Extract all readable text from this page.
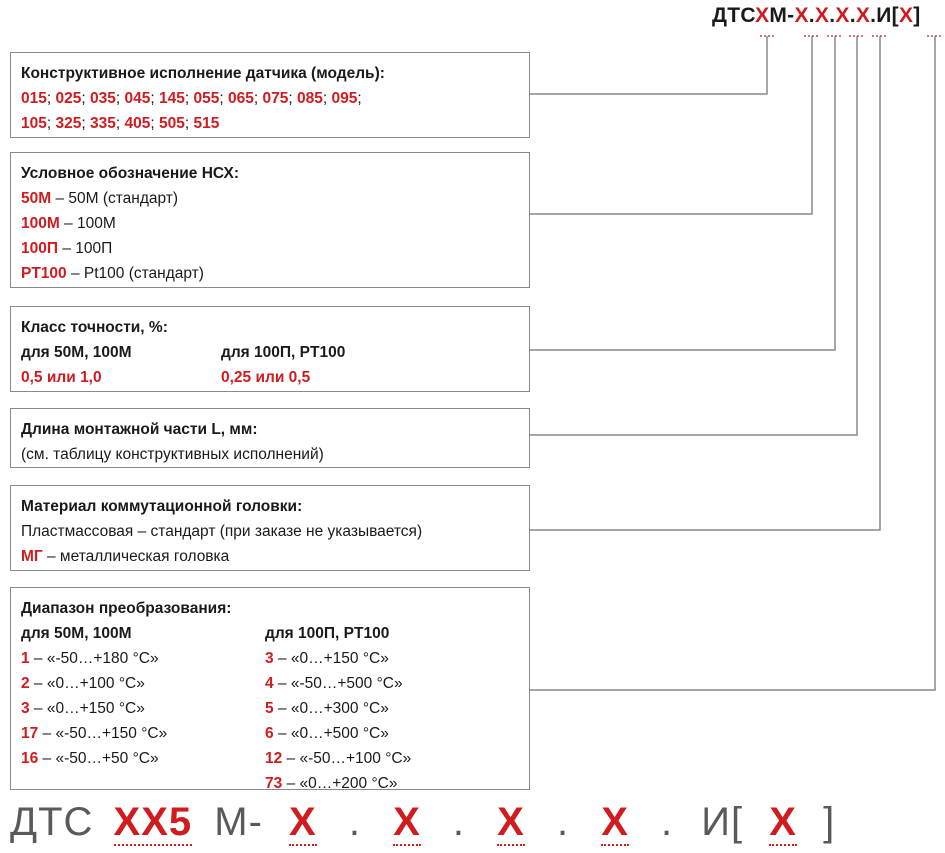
ДТСХМ-Х.Х.Х.Х.И[Х]
Конструктивное исполнение датчика (модель):
015; 025; 035; 045; 145; 055; 065; 075; 085; 095;
105; 325; 335; 405; 505; 515
Условное обозначение НСХ:
50М – 50М (стандарт)
100М – 100М
100П – 100П
PT100 – Pt100 (стандарт)
Класс точности, %:
для 50М, 100М
0,5 или 1,0
для 100П, PT100
0,25 или 0,5
Длина монтажной части L, мм:
(см. таблицу конструктивных исполнений)
Материал коммутационной головки:
Пластмассовая – стандарт (при заказе не указывается)
МГ – металлическая головка
Диапазон преобразования:
для 50М, 100М
1 – «-50…+180 °С»
2 – «0…+100 °С»
3 – «0…+150 °С»
17 – «-50…+150 °С»
16 – «-50…+50 °С»
для 100П, PT100
3 – «0…+150 °С»
4 – «-50…+500 °С»
5 – «0…+300 °С»
6 – «0…+500 °С»
12 – «-50…+100 °С»
73 – «0…+200 °С»
ДТС ХХ5 М- Х . Х . Х . Х . И[ Х ]
